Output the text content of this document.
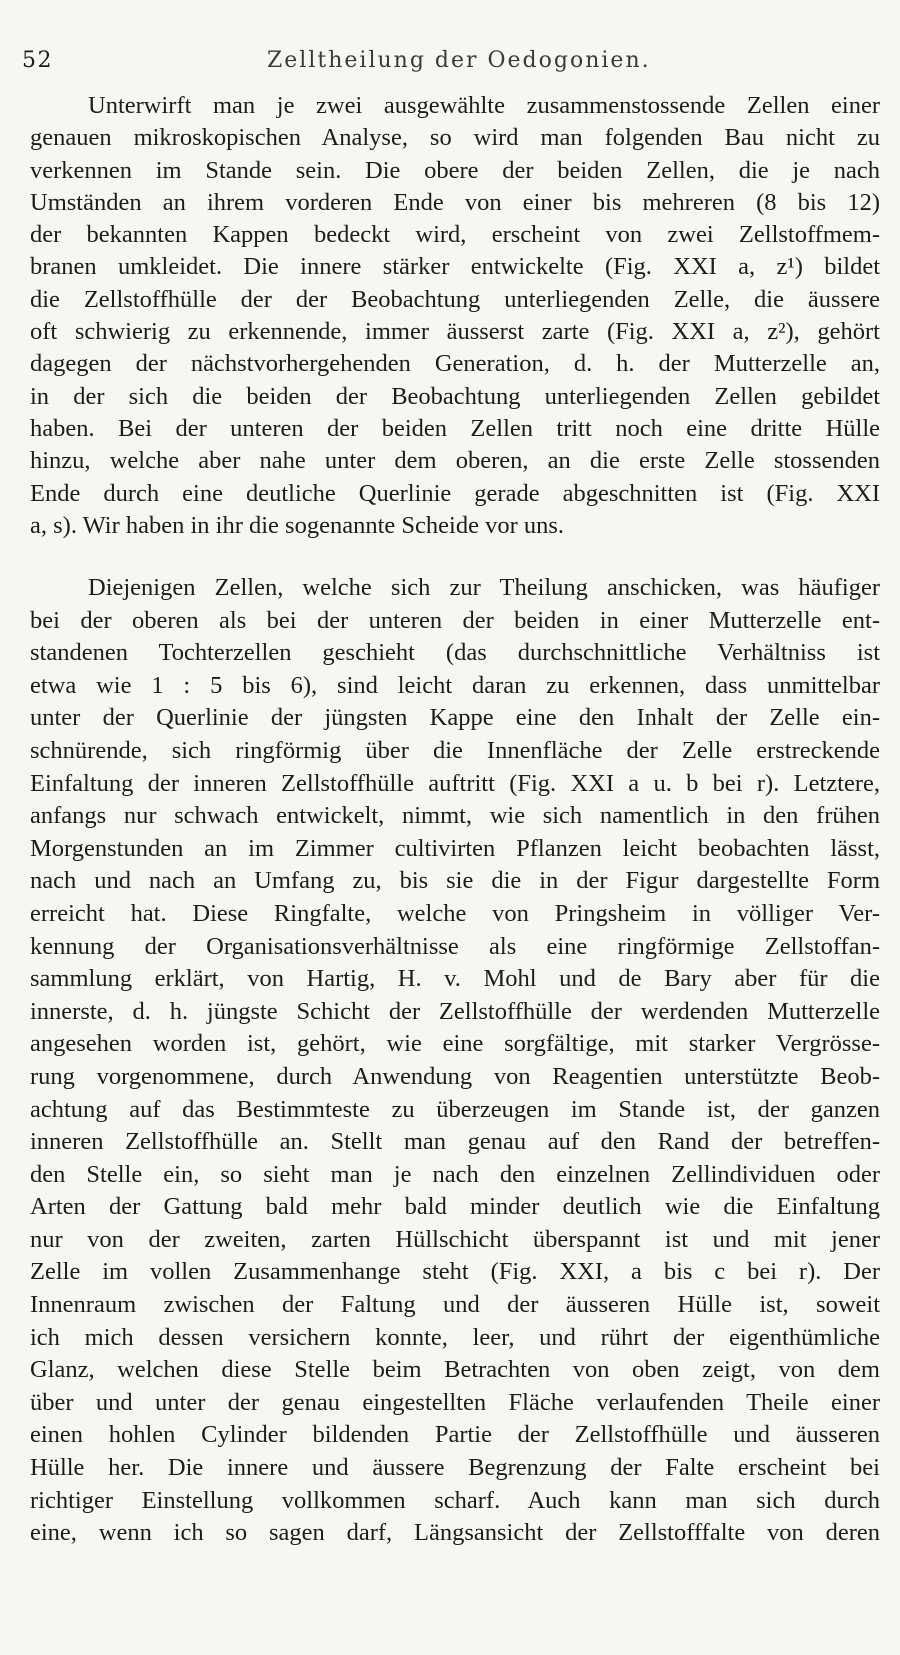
52	Zelltheilung der Oedogonien.
Unterwirft man je zwei ausgewählte zusammenstossende Zellen einer
genauen mikroskopischen Analyse, so wird man folgenden Bau nicht zu
verkennen im Stande sein. Die obere der beiden Zellen, die je nach
Umständen an ihrem vorderen Ende von einer bis mehreren (8 bis 12)
der bekannten Kappen bedeckt wird, erscheint von zwei Zellstoffmem-
branen umkleidet. Die innere stärker entwickelte (Fig. XXI a, z¹) bildet
die Zellstoffhülle der der Beobachtung unterliegenden Zelle, die äussere
oft schwierig zu erkennende, immer äusserst zarte (Fig. XXI a, z²), gehört
dagegen der nächstvorhergehenden Generation, d. h. der Mutterzelle an,
in der sich die beiden der Beobachtung unterliegenden Zellen gebildet
haben. Bei der unteren der beiden Zellen tritt noch eine dritte Hülle
hinzu, welche aber nahe unter dem oberen, an die erste Zelle stossenden
Ende durch eine deutliche Querlinie gerade abgeschnitten ist (Fig. XXI
a, s). Wir haben in ihr die sogenannte Scheide vor uns.
Diejenigen Zellen, welche sich zur Theilung anschicken, was häufiger
bei der oberen als bei der unteren der beiden in einer Mutterzelle ent-
standenen Tochterzellen geschieht (das durchschnittliche Verhältniss ist
etwa wie 1 : 5 bis 6), sind leicht daran zu erkennen, dass unmittelbar
unter der Querlinie der jüngsten Kappe eine den Inhalt der Zelle ein-
schnürende, sich ringförmig über die Innenfläche der Zelle erstreckende
Einfaltung der inneren Zellstoffhülle auftritt (Fig. XXI a u. b bei r). Letztere,
anfangs nur schwach entwickelt, nimmt, wie sich namentlich in den frühen
Morgenstunden an im Zimmer cultivirten Pflanzen leicht beobachten lässt,
nach und nach an Umfang zu, bis sie die in der Figur dargestellte Form
erreicht hat. Diese Ringfalte, welche von Pringsheim in völliger Ver-
kennung der Organisationsverhältnisse als eine ringförmige Zellstoffan-
sammlung erklärt, von Hartig, H. v. Mohl und de Bary aber für die
innerste, d. h. jüngste Schicht der Zellstoffhülle der werdenden Mutterzelle
angesehen worden ist, gehört, wie eine sorgfältige, mit starker Vergrösse-
rung vorgenommene, durch Anwendung von Reagentien unterstützte Beob-
achtung auf das Bestimmteste zu überzeugen im Stande ist, der ganzen
inneren Zellstoffhülle an. Stellt man genau auf den Rand der betreffen-
den Stelle ein, so sieht man je nach den einzelnen Zellindividuen oder
Arten der Gattung bald mehr bald minder deutlich wie die Einfaltung
nur von der zweiten, zarten Hüllschicht überspannt ist und mit jener
Zelle im vollen Zusammenhange steht (Fig. XXI, a bis c bei r). Der
Innenraum zwischen der Faltung und der äusseren Hülle ist, soweit
ich mich dessen versichern konnte, leer, und rührt der eigenthümliche
Glanz, welchen diese Stelle beim Betrachten von oben zeigt, von dem
über und unter der genau eingestellten Fläche verlaufenden Theile einer
einen hohlen Cylinder bildenden Partie der Zellstoffhülle und äusseren
Hülle her. Die innere und äussere Begrenzung der Falte erscheint bei
richtiger Einstellung vollkommen scharf. Auch kann man sich durch
eine, wenn ich so sagen darf, Längsansicht der Zellstofffalte von deren
